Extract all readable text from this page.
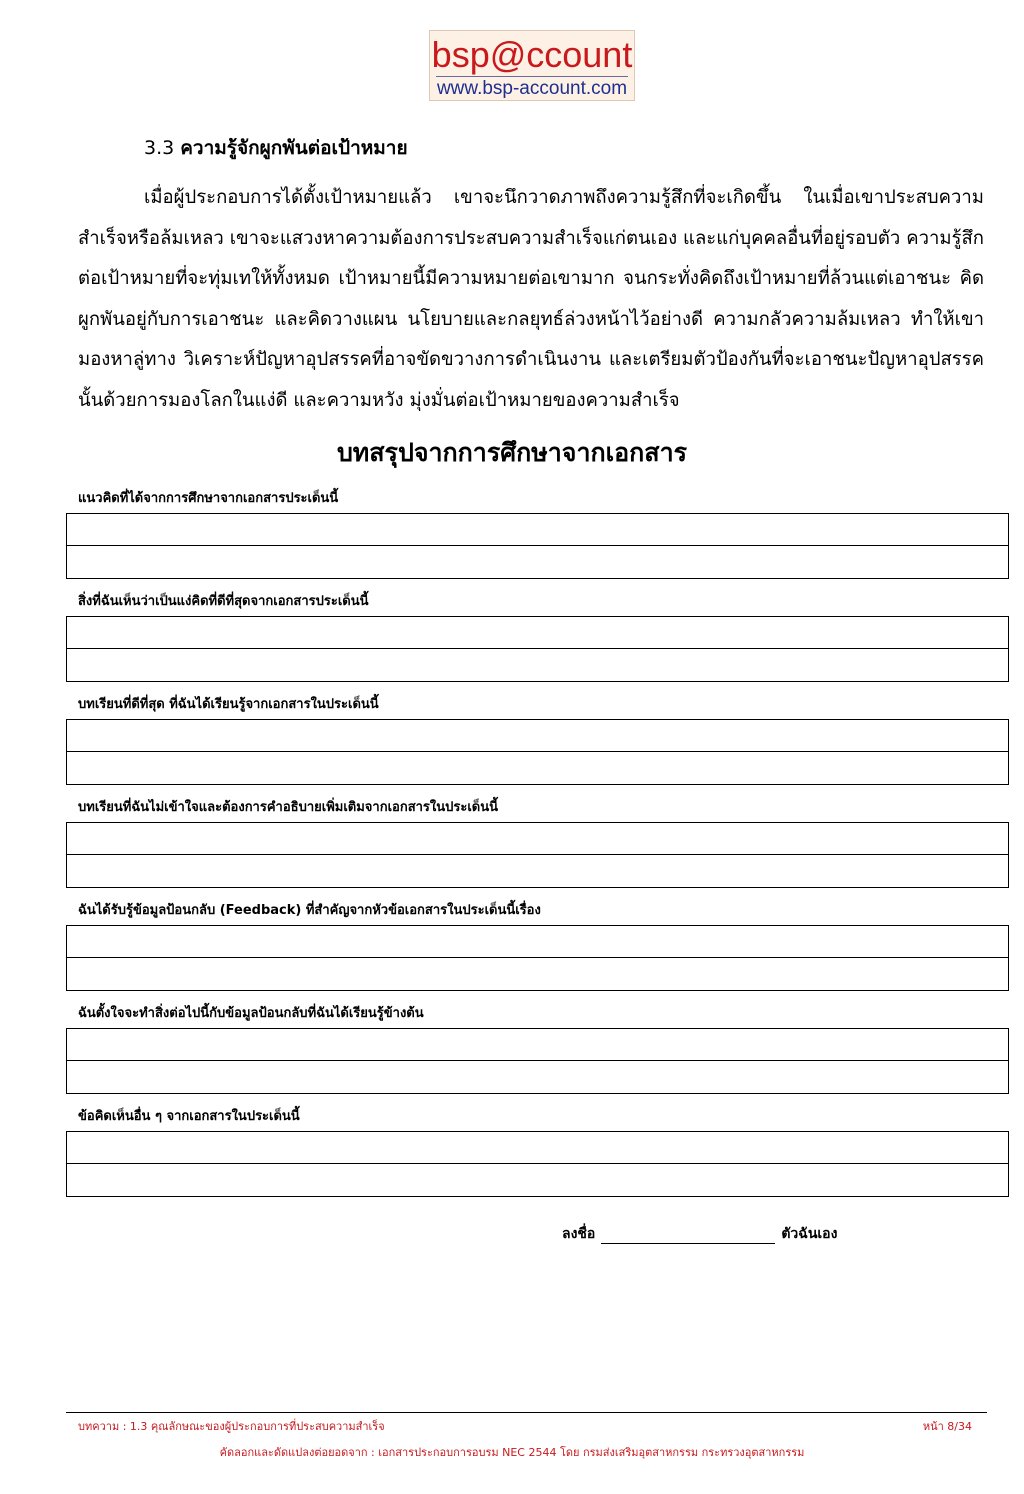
bsp@ccount
www.bsp-account.com
3.3 ความรู้จักผูกพันต่อเป้าหมาย

เมื่อผู้ประกอบการได้ตั้งเป้าหมายแล้ว เขาจะนึกวาดภาพถึงความรู้สึกที่จะเกิดขึ้น ในเมื่อเขาประสบความสำเร็จหรือล้มเหลว เขาจะแสวงหาความต้องการประสบความสำเร็จแก่ตนเอง และแก่บุคคลอื่นที่อยู่รอบตัว ความรู้สึกต่อเป้าหมายที่จะทุ่มเทให้ทั้งหมด เป้าหมายนี้มีความหมายต่อเขามาก จนกระทั่งคิดถึงเป้าหมายที่ล้วนแต่เอาชนะ คิดผูกพันอยู่กับการเอาชนะ และคิดวางแผน นโยบายและกลยุทธ์ล่วงหน้าไว้อย่างดี ความกลัวความล้มเหลว ทำให้เขามองหาลู่ทาง วิเคราะห์ปัญหาอุปสรรคที่อาจขัดขวางการดำเนินงาน และเตรียมตัวป้องกันที่จะเอาชนะปัญหาอุปสรรคนั้นด้วยการมองโลกในแง่ดี และความหวัง มุ่งมั่นต่อเป้าหมายของความสำเร็จ

บทสรุปจากการศึกษาจากเอกสาร
แนวคิดที่ได้จากการศึกษาจากเอกสารประเด็นนี้
สิ่งที่ฉันเห็นว่าเป็นแง่คิดที่ดีที่สุดจากเอกสารประเด็นนี้
บทเรียนที่ดีที่สุด ที่ฉันได้เรียนรู้จากเอกสารในประเด็นนี้
บทเรียนที่ฉันไม่เข้าใจและต้องการคำอธิบายเพิ่มเติมจากเอกสารในประเด็นนี้
ฉันได้รับรู้ข้อมูลป้อนกลับ (Feedback) ที่สำคัญจากหัวข้อเอกสารในประเด็นนี้เรื่อง
ฉันตั้งใจจะทำสิ่งต่อไปนี้กับข้อมูลป้อนกลับที่ฉันได้เรียนรู้ข้างต้น
ข้อคิดเห็นอื่น ๆ จากเอกสารในประเด็นนี้
ลงชื่อ	ตัวฉันเอง
บทความ : 1.3 คุณลักษณะของผู้ประกอบการที่ประสบความสำเร็จ	หน้า 8/34
คัดลอกและดัดแปลงต่อยอดจาก : เอกสารประกอบการอบรม NEC 2544 โดย กรมส่งเสริมอุตสาหกรรม กระทรวงอุตสาหกรรม
